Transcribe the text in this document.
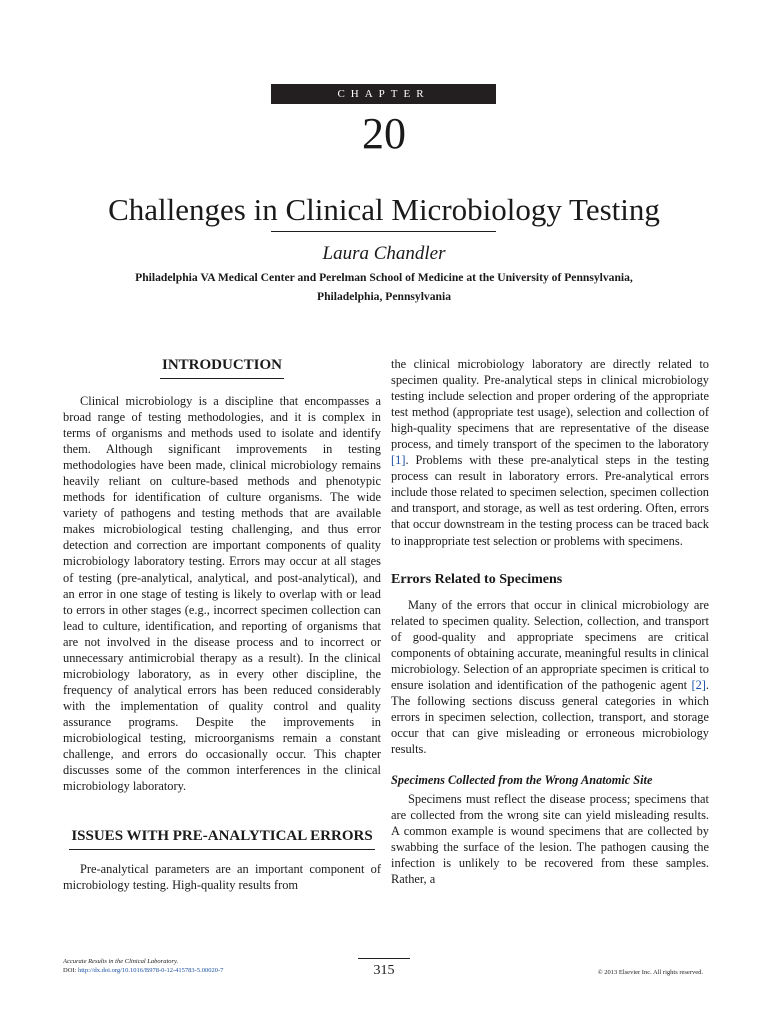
CHAPTER
20
Challenges in Clinical Microbiology Testing
Laura Chandler
Philadelphia VA Medical Center and Perelman School of Medicine at the University of Pennsylvania,
Philadelphia, Pennsylvania
INTRODUCTION

Clinical microbiology is a discipline that encompasses a broad range of testing methodologies, and it is complex in terms of organisms and methods used to isolate and identify them. Although significant improvements in testing methodologies have been made, clinical microbiology remains heavily reliant on culture-based methods and phenotypic methods for identification of culture organisms. The wide variety of pathogens and testing methods that are available makes microbiological testing challenging, and thus error detection and correction are important components of quality microbiology laboratory testing. Errors may occur at all stages of testing (pre-analytical, analytical, and post-analytical), and an error in one stage of testing is likely to overlap with or lead to errors in other stages (e.g., incorrect specimen collection can lead to culture, identification, and reporting of organisms that are not involved in the disease process and to incorrect or unnecessary antimicrobial therapy as a result). In the clinical microbiology laboratory, as in every other discipline, the frequency of analytical errors has been reduced considerably with the implementation of quality control and quality assurance programs. Despite the improvements in microbiological testing, microorganisms remain a constant challenge, and errors do occasionally occur. This chapter discusses some of the common interferences in the clinical microbiology laboratory.

ISSUES WITH PRE-ANALYTICAL ERRORS

Pre-analytical parameters are an important component of microbiology testing. High-quality results from

the clinical microbiology laboratory are directly related to specimen quality. Pre-analytical steps in clinical microbiology testing include selection and proper ordering of the appropriate test method (appropriate test usage), selection and collection of high-quality specimens that are representative of the disease process, and timely transport of the specimen to the laboratory [1]. Problems with these pre-analytical steps in the testing process can result in laboratory errors. Pre-analytical errors include those related to specimen selection, specimen collection and transport, and storage, as well as test ordering. Often, errors that occur downstream in the testing process can be traced back to inappropriate test selection or problems with specimens.

Errors Related to Specimens

Many of the errors that occur in clinical microbiology are related to specimen quality. Selection, collection, and transport of good-quality and appropriate specimens are critical components of obtaining accurate, meaningful results in clinical microbiology. Selection of an appropriate specimen is critical to ensure isolation and identification of the pathogenic agent [2]. The following sections discuss general categories in which errors in specimen selection, collection, transport, and storage occur that can give misleading or erroneous microbiology results.

Specimens Collected from the Wrong Anatomic Site

Specimens must reflect the disease process; specimens that are collected from the wrong site can yield misleading results. A common example is wound specimens that are collected by swabbing the surface of the lesion. The pathogen causing the infection is unlikely to be recovered from these samples. Rather, a

Accurate Results in the Clinical Laboratory.
DOI: http://dx.doi.org/10.1016/B978-0-12-415783-5.00020-7	315	© 2013 Elsevier Inc. All rights reserved.
